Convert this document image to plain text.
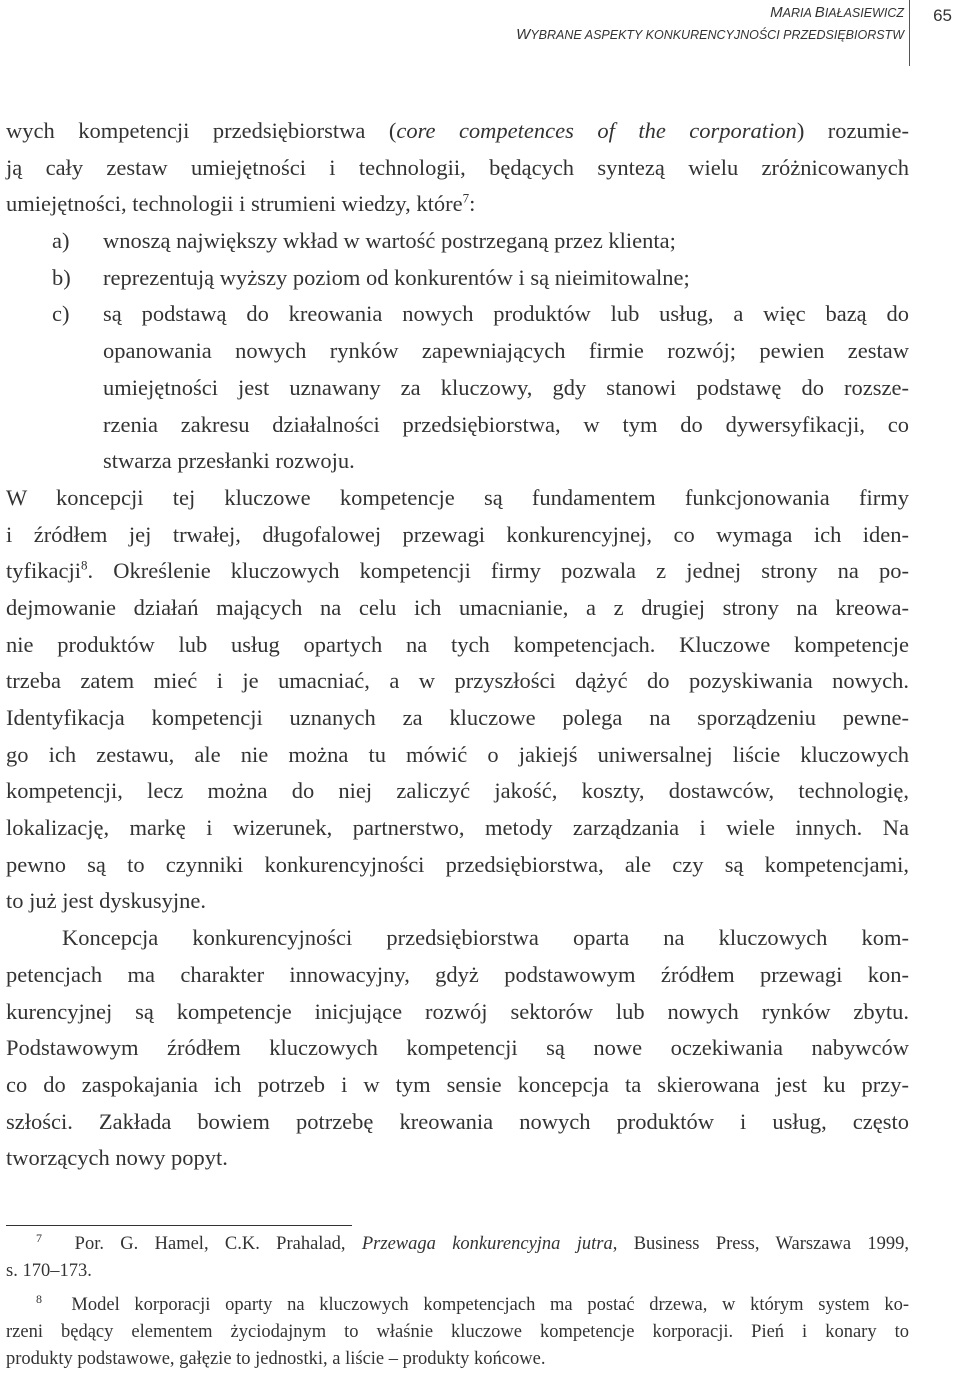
MARIA BIAŁASIEWICZ
WYBRANE ASPEKTY KONKURENCYJNOŚCI PRZEDSIĘBIORSTW
65
wych kompetencji przedsiębiorstwa (core competences of the corporation) rozumie-
ją cały zestaw umiejętności i technologii, będących syntezą wielu zróżnicowanych
umiejętności, technologii i strumieni wiedzy, które$^7$:
a) wnoszą największy wkład w wartość postrzeganą przez klienta;
b) reprezentują wyższy poziom od konkurentów i są nieimitowalne;
c) są podstawą do kreowania nowych produktów lub usług, a więc bazą do
opanowania nowych rynków zapewniających firmie rozwój; pewien zestaw
umiejętności jest uznawany za kluczowy, gdy stanowi podstawę do rozsze-
rzenia zakresu działalności przedsiębiorstwa, w tym do dywersyfikacji, co
stwarza przesłanki rozwoju.
W koncepcji tej kluczowe kompetencje są fundamentem funkcjonowania firmy
i źródłem jej trwałej, długofalowej przewagi konkurencyjnej, co wymaga ich iden-
tyfikacji$^8$. Określenie kluczowych kompetencji firmy pozwala z jednej strony na po-
dejmowanie działań mających na celu ich umacnianie, a z drugiej strony na kreowa-
nie produktów lub usług opartych na tych kompetencjach. Kluczowe kompetencje
trzeba zatem mieć i je umacniać, a w przyszłości dążyć do pozyskiwania nowych.
Identyfikacja kompetencji uznanych za kluczowe polega na sporządzeniu pewne-
go ich zestawu, ale nie można tu mówić o jakiejś uniwersalnej liście kluczowych
kompetencji, lecz można do niej zaliczyć jakość, koszty, dostawców, technologię,
lokalizację, markę i wizerunek, partnerstwo, metody zarządzania i wiele innych. Na
pewno są to czynniki konkurencyjności przedsiębiorstwa, ale czy są kompetencjami,
to już jest dyskusyjne.
Koncepcja konkurencyjności przedsiębiorstwa oparta na kluczowych kom-
petencjach ma charakter innowacyjny, gdyż podstawowym źródłem przewagi kon-
kurencyjnej są kompetencje inicjujące rozwój sektorów lub nowych rynków zbytu.
Podstawowym źródłem kluczowych kompetencji są nowe oczekiwania nabywców
co do zaspokajania ich potrzeb i w tym sensie koncepcja ta skierowana jest ku przy-
szłości. Zakłada bowiem potrzebę kreowania nowych produktów i usług, często
tworzących nowy popyt.
$^7$ Por. G. Hamel, C.K. Prahalad, Przewaga konkurencyjna jutra, Business Press, Warszawa 1999,
s. 170–173.
$^8$ Model korporacji oparty na kluczowych kompetencjach ma postać drzewa, w którym system ko-
rzeni będący elementem życiodajnym to właśnie kluczowe kompetencje korporacji. Pień i konary to
produkty podstawowe, gałęzie to jednostki, a liście – produkty końcowe.
